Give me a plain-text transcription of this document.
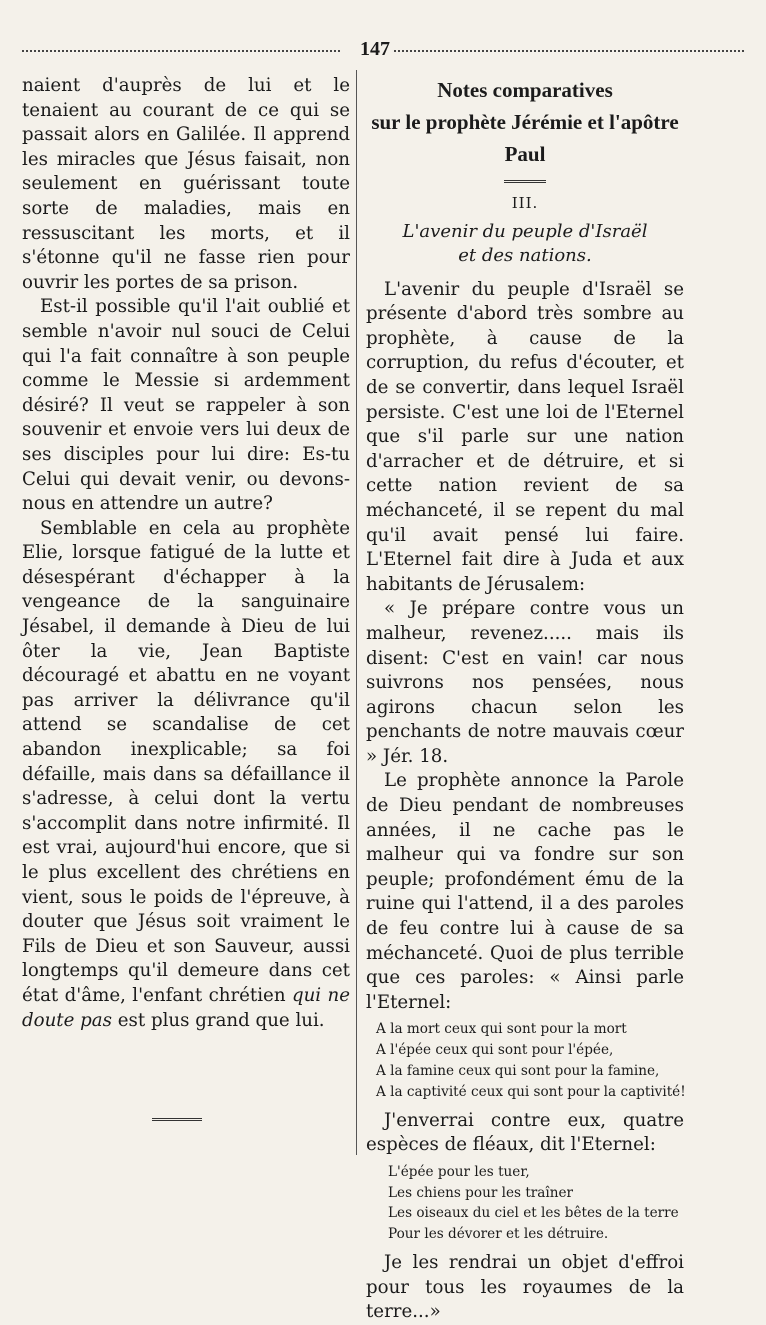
147

naient d'auprès de lui et le tenaient au courant de ce qui se passait alors en Galilée. Il apprend les miracles que Jésus faisait, non seulement en guérissant toute sorte de maladies, mais en ressuscitant les morts, et il s'étonne qu'il ne fasse rien pour ouvrir les portes de sa prison.

Est-il possible qu'il l'ait oublié et semble n'avoir nul souci de Celui qui l'a fait connaître à son peuple comme le Messie si ardemment désiré? Il veut se rappeler à son souvenir et envoie vers lui deux de ses disciples pour lui dire: Es-tu Celui qui devait venir, ou devons-nous en attendre un autre?

Semblable en cela au prophète Elie, lorsque fatigué de la lutte et désespérant d'échapper à la vengeance de la sanguinaire Jésabel, il demande à Dieu de lui ôter la vie, Jean Baptiste découragé et abattu en ne voyant pas arriver la délivrance qu'il attend se scandalise de cet abandon inexplicable; sa foi défaille, mais dans sa défaillance il s'adresse, à celui dont la vertu s'accomplit dans notre infirmité. Il est vrai, aujourd'hui encore, que si le plus excellent des chrétiens en vient, sous le poids de l'épreuve, à douter que Jésus soit vraiment le Fils de Dieu et son Sauveur, aussi longtemps qu'il demeure dans cet état d'âme, l'enfant chrétien qui ne doute pas est plus grand que lui.

Notes comparatives
sur le prophète Jérémie et l'apôtre Paul
III.
L'avenir du peuple d'Israël
et des nations.

L'avenir du peuple d'Israël se présente d'abord très sombre au prophète, à cause de la corruption, du refus d'écouter, et de se convertir, dans lequel Israël persiste. C'est une loi de l'Eternel que s'il parle sur une nation d'arracher et de détruire, et si cette nation revient de sa méchanceté, il se repent du mal qu'il avait pensé lui faire. L'Eternel fait dire à Juda et aux habitants de Jérusalem:

« Je prépare contre vous un malheur, revenez..... mais ils disent: C'est en vain! car nous suivrons nos pensées, nous agirons chacun selon les penchants de notre mauvais cœur » Jér. 18.

Le prophète annonce la Parole de Dieu pendant de nombreuses années, il ne cache pas le malheur qui va fondre sur son peuple; profondément ému de la ruine qui l'attend, il a des paroles de feu contre lui à cause de sa méchanceté. Quoi de plus terrible que ces paroles: « Ainsi parle l'Eternel:

A la mort ceux qui sont pour la mort
A l'épée ceux qui sont pour l'épée,
A la famine ceux qui sont pour la famine,
A la captivité ceux qui sont pour la captivité!

J'enverrai contre eux, quatre espèces de fléaux, dit l'Eternel:

L'épée pour les tuer,
Les chiens pour les traîner
Les oiseaux du ciel et les bêtes de la terre
Pour les dévorer et les détruire.

Je les rendrai un objet d'effroi pour tous les royaumes de la terre...»
